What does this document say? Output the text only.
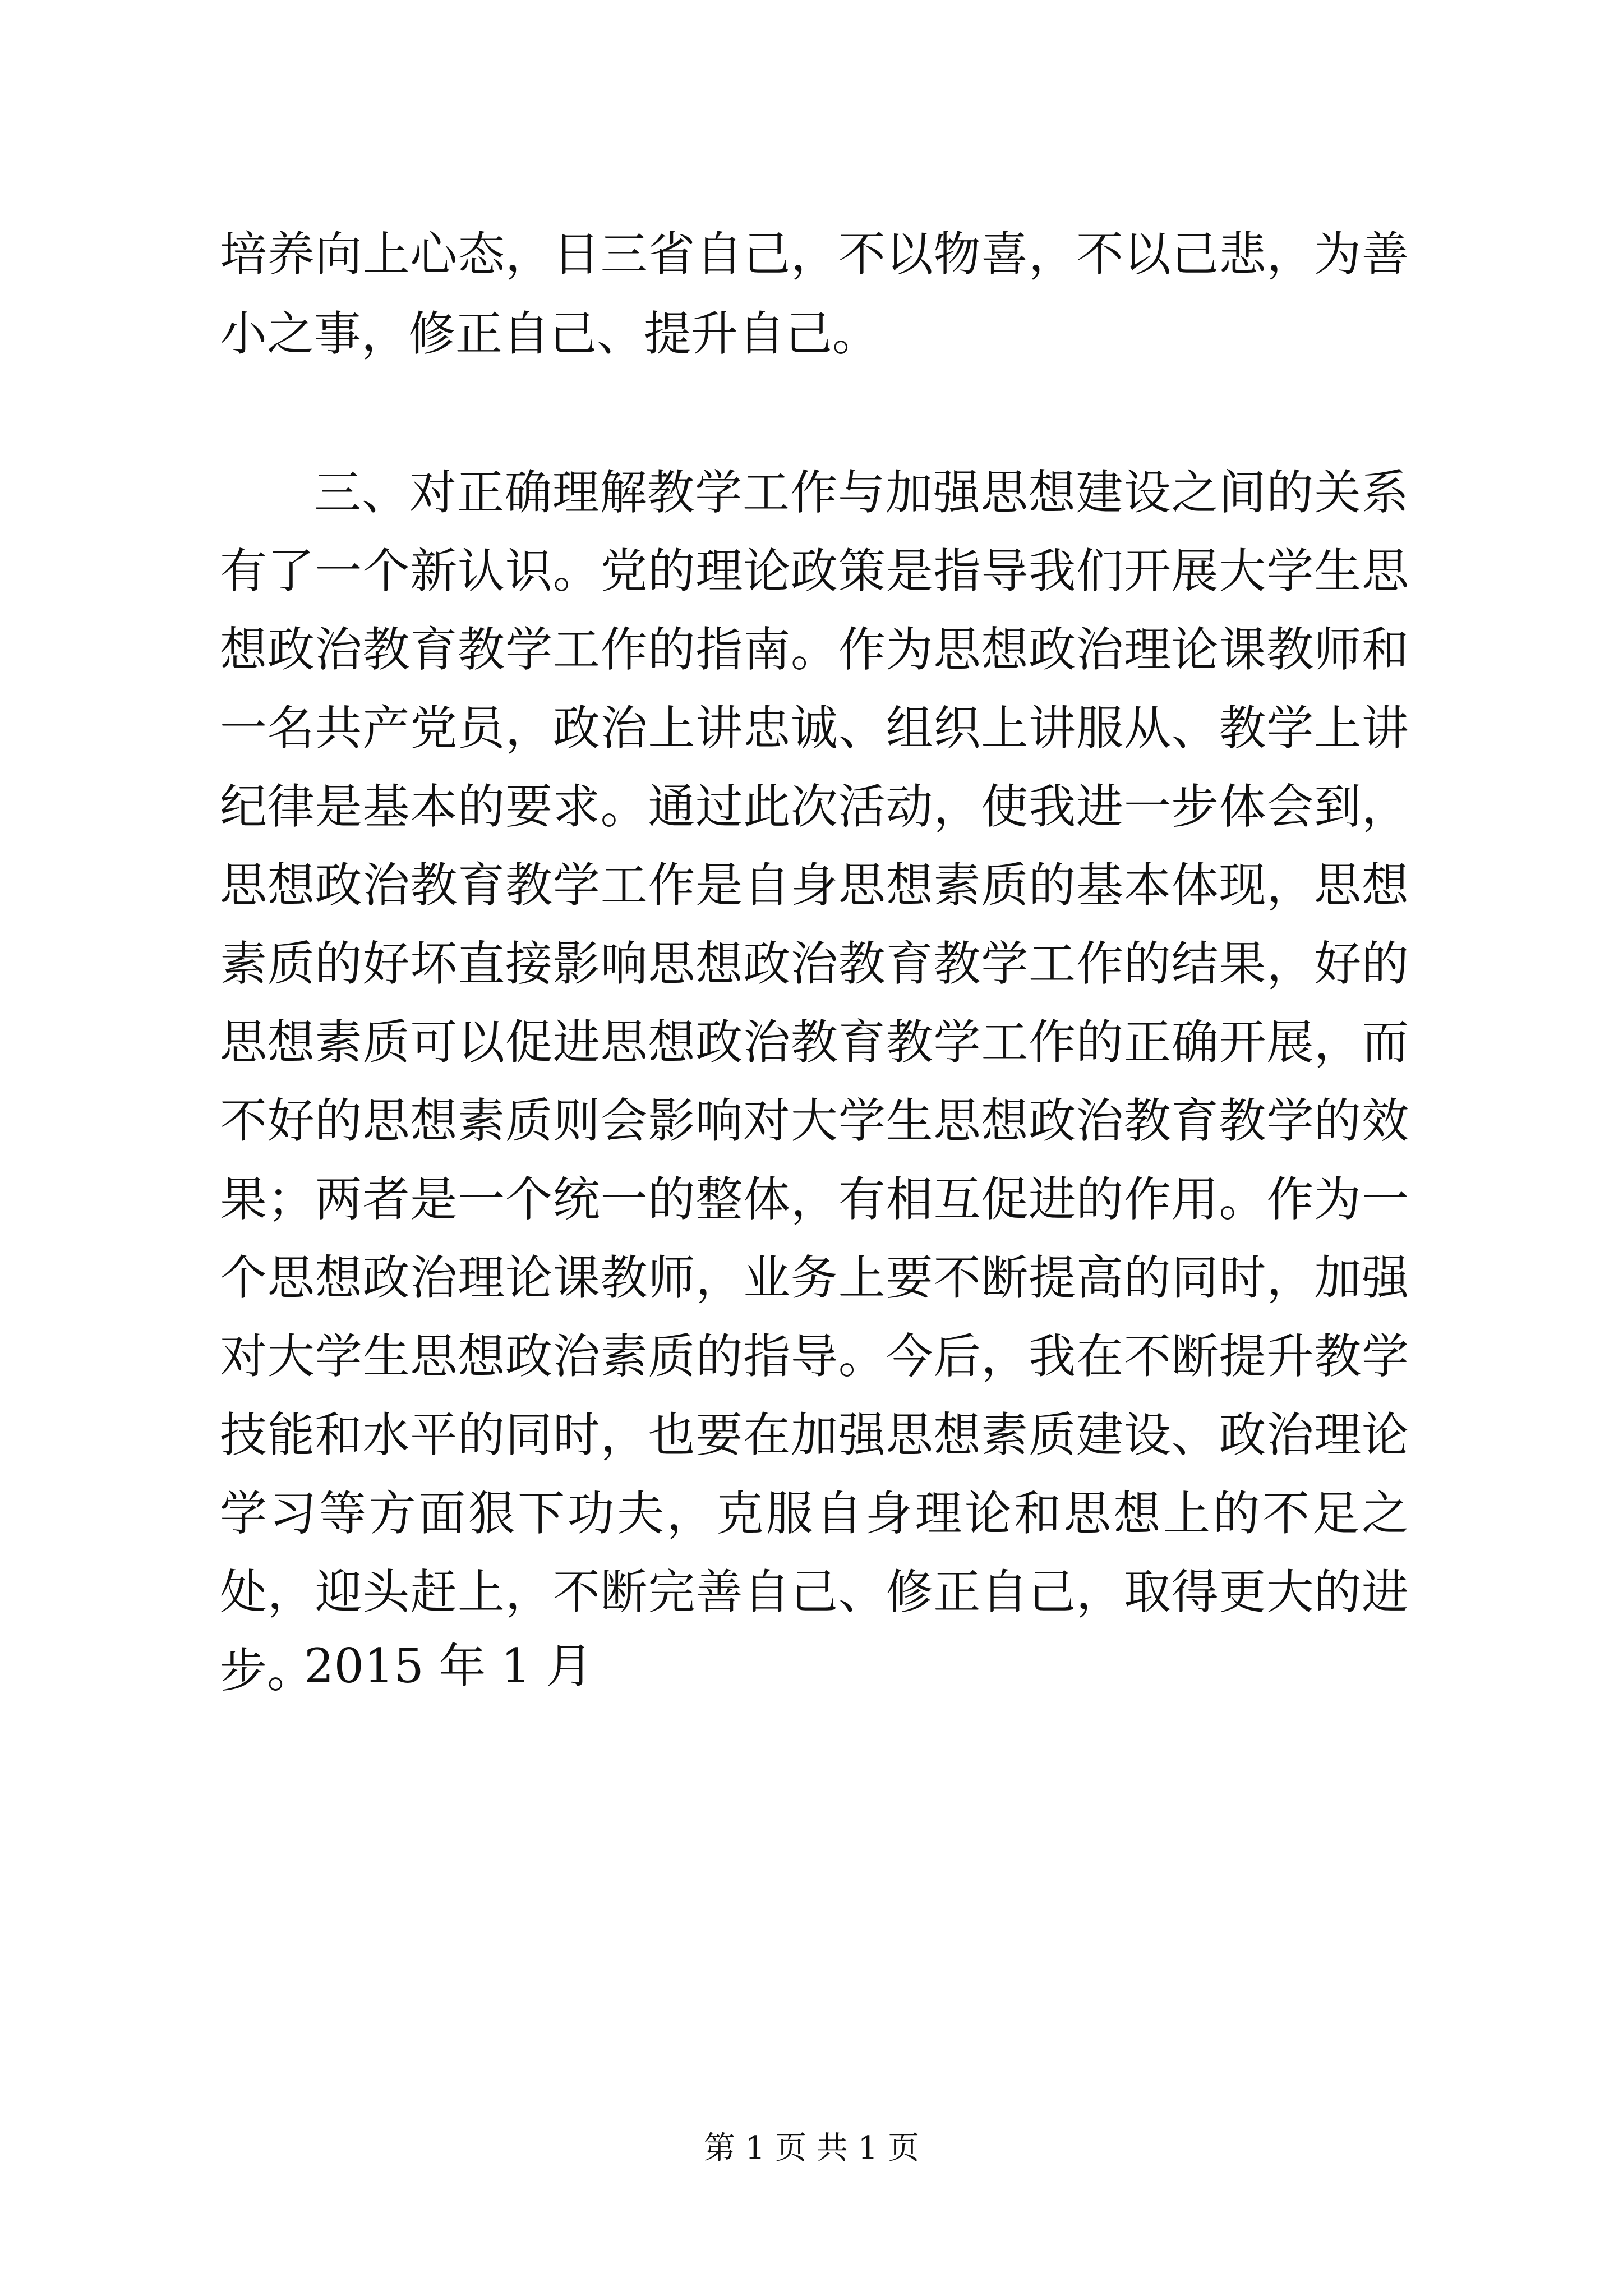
培养向上心态，日三省自己，不以物喜，不以己悲，为善小之事，修正自己、提升自己。

三、对正确理解教学工作与加强思想建设之间的关系有了一个新认识。党的理论政策是指导我们开展大学生思想政治教育教学工作的指南。作为思想政治理论课教师和一名共产党员，政治上讲忠诚、组织上讲服从、教学上讲纪律是基本的要求。通过此次活动，使我进一步体会到，思想政治教育教学工作是自身思想素质的基本体现，思想素质的好坏直接影响思想政治教育教学工作的结果，好的思想素质可以促进思想政治教育教学工作的正确开展，而不好的思想素质则会影响对大学生思想政治教育教学的效果；两者是一个统一的整体，有相互促进的作用。作为一个思想政治理论课教师，业务上要不断提高的同时，加强对大学生思想政治素质的指导。今后，我在不断提升教学技能和水平的同时，也要在加强思想素质建设、政治理论学习等方面狠下功夫，克服自身理论和思想上的不足之处，迎头赶上，不断完善自己、修正自己，取得更大的进步。

2015 年 1 月

第 1 页 共 1 页
